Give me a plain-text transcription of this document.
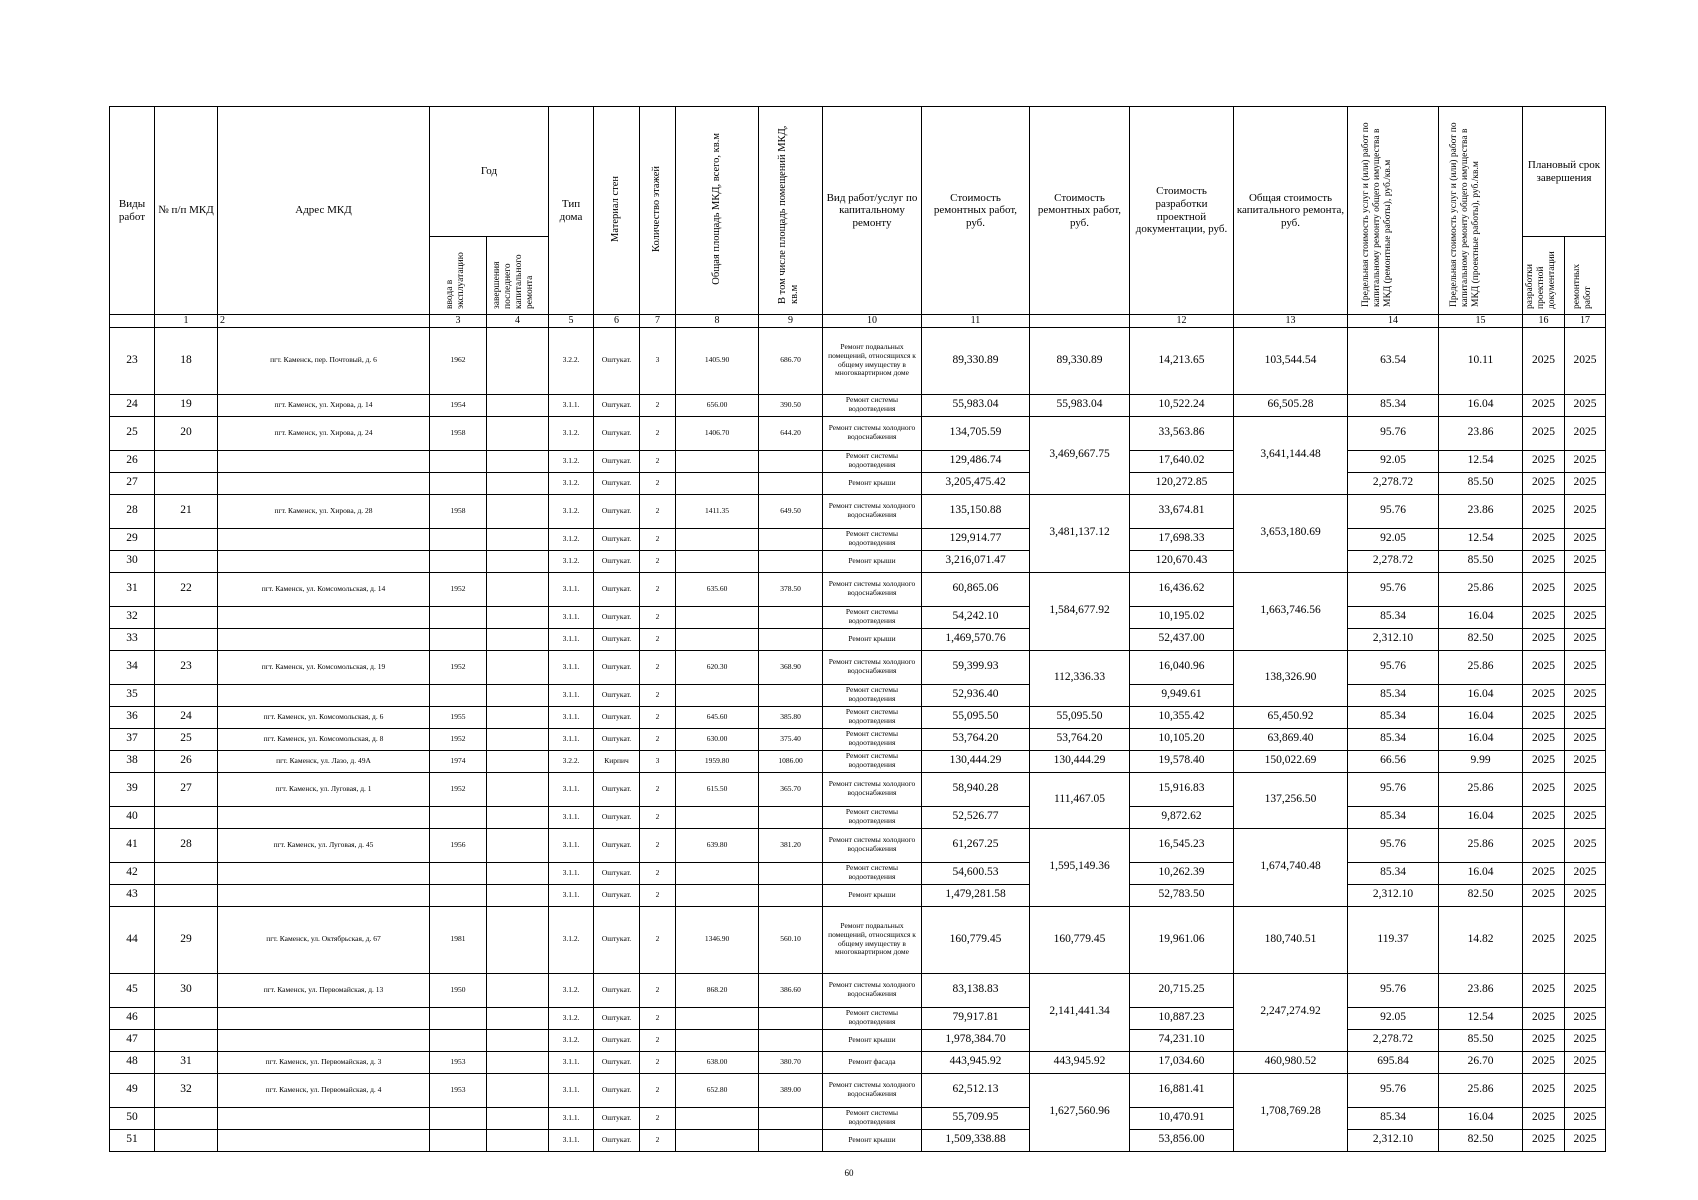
Виды работ	№ п/п МКД	Адрес МКД	Год		Тип дома	Материал стен	Количество этажей	Общая площадь МКД, всего, кв.м	В том числе площадь помещений МКД, кв.м	Вид работ/услуг по капитальному ремонту	Стоимость ремонтных работ, руб.	Стоимость ремонтных работ, руб.	Стоимость разработки проектной документации, руб.	Общая стоимость капитального ремонта, руб.	Предельная стоимость услуг и (или) работ по капитальному ремонту общего имущества в МКД (ремонтные работы), руб./кв.м	Предельная стоимость услуг и (или) работ по капитальному ремонту общего имущества в МКД (проектные работы), руб./кв.м	Плановый срок завершения	
			ввода в эксплуатацию	завершения последнего капитального ремонта													разработки проектной документации	ремонтных работ
	1	2	3	4	5	6	7	8	9	10	11		12	13	14	15	16	17
23	18	пгт. Каменск, пер. Почтовый, д. 6	1962		3.2.2.	Оштукат.	3	1405.90	686.70	Ремонт подвальных помещений, относящихся к общему имуществу в многоквартирном доме	89,330.89	89,330.89	14,213.65	103,544.54	63.54	10.11	2025	2025
24	19	пгт. Каменск, ул. Хирова, д. 14	1954		3.1.1.	Оштукат.	2	656.00	390.50	Ремонт системы водоотведения	55,983.04	55,983.04	10,522.24	66,505.28	85.34	16.04	2025	2025
25	20	пгт. Каменск, ул. Хирова, д. 24	1958		3.1.2.	Оштукат.	2	1406.70	644.20	Ремонт системы холодного водоснабжения	134,705.59	3,469,667.75	33,563.86	3,641,144.48	95.76	23.86	2025	2025
26					3.1.2.	Оштукат.	2			Ремонт системы водоотведения	129,486.74		17,640.02		92.05	12.54	2025	2025
27					3.1.2.	Оштукат.	2			Ремонт крыши	3,205,475.42		120,272.85		2,278.72	85.50	2025	2025
28	21	пгт. Каменск, ул. Хирова, д. 28	1958		3.1.2.	Оштукат.	2	1411.35	649.50	Ремонт системы холодного водоснабжения	135,150.88	3,481,137.12	33,674.81	3,653,180.69	95.76	23.86	2025	2025
29					3.1.2.	Оштукат.	2			Ремонт системы водоотведения	129,914.77		17,698.33		92.05	12.54	2025	2025
30					3.1.2.	Оштукат.	2			Ремонт крыши	3,216,071.47		120,670.43		2,278.72	85.50	2025	2025
31	22	пгт. Каменск, ул. Комсомольская, д. 14	1952		3.1.1.	Оштукат.	2	635.60	378.50	Ремонт системы холодного водоснабжения	60,865.06	1,584,677.92	16,436.62	1,663,746.56	95.76	25.86	2025	2025
32					3.1.1.	Оштукат.	2			Ремонт системы водоотведения	54,242.10		10,195.02		85.34	16.04	2025	2025
33					3.1.1.	Оштукат.	2			Ремонт крыши	1,469,570.76		52,437.00		2,312.10	82.50	2025	2025
34	23	пгт. Каменск, ул. Комсомольская, д. 19	1952		3.1.1.	Оштукат.	2	620.30	368.90	Ремонт системы холодного водоснабжения	59,399.93	112,336.33	16,040.96	138,326.90	95.76	25.86	2025	2025
35					3.1.1.	Оштукат.	2			Ремонт системы водоотведения	52,936.40		9,949.61		85.34	16.04	2025	2025
36	24	пгт. Каменск, ул. Комсомольская, д. 6	1955		3.1.1.	Оштукат.	2	645.60	385.80	Ремонт системы водоотведения	55,095.50	55,095.50	10,355.42	65,450.92	85.34	16.04	2025	2025
37	25	пгт. Каменск, ул. Комсомольская, д. 8	1952		3.1.1.	Оштукат.	2	630.00	375.40	Ремонт системы водоотведения	53,764.20	53,764.20	10,105.20	63,869.40	85.34	16.04	2025	2025
38	26	пгт. Каменск, ул. Лазо, д. 49А	1974		3.2.2.	Кирпич	3	1959.80	1086.00	Ремонт системы водоотведения	130,444.29	130,444.29	19,578.40	150,022.69	66.56	9.99	2025	2025
39	27	пгт. Каменск, ул. Луговая, д. 1	1952		3.1.1.	Оштукат.	2	615.50	365.70	Ремонт системы холодного водоснабжения	58,940.28	111,467.05	15,916.83	137,256.50	95.76	25.86	2025	2025
40					3.1.1.	Оштукат.	2			Ремонт системы водоотведения	52,526.77		9,872.62		85.34	16.04	2025	2025
41	28	пгт. Каменск, ул. Луговая, д. 45	1956		3.1.1.	Оштукат.	2	639.80	381.20	Ремонт системы холодного водоснабжения	61,267.25	1,595,149.36	16,545.23	1,674,740.48	95.76	25.86	2025	2025
42					3.1.1.	Оштукат.	2			Ремонт системы водоотведения	54,600.53		10,262.39		85.34	16.04	2025	2025
43					3.1.1.	Оштукат.	2			Ремонт крыши	1,479,281.58		52,783.50		2,312.10	82.50	2025	2025
44	29	пгт. Каменск, ул. Октябрьская, д. 67	1981		3.1.2.	Оштукат.	2	1346.90	560.10	Ремонт подвальных помещений, относящихся к общему имуществу в многоквартирном доме	160,779.45	160,779.45	19,961.06	180,740.51	119.37	14.82	2025	2025
45	30	пгт. Каменск, ул. Первомайская, д. 13	1950		3.1.2.	Оштукат.	2	868.20	386.60	Ремонт системы холодного водоснабжения	83,138.83	2,141,441.34	20,715.25	2,247,274.92	95.76	23.86	2025	2025
46					3.1.2.	Оштукат.	2			Ремонт системы водоотведения	79,917.81		10,887.23		92.05	12.54	2025	2025
47					3.1.2.	Оштукат.	2			Ремонт крыши	1,978,384.70		74,231.10		2,278.72	85.50	2025	2025
48	31	пгт. Каменск, ул. Первомайская, д. 3	1953		3.1.1.	Оштукат.	2	638.00	380.70	Ремонт фасада	443,945.92	443,945.92	17,034.60	460,980.52	695.84	26.70	2025	2025
49	32	пгт. Каменск, ул. Первомайская, д. 4	1953		3.1.1.	Оштукат.	2	652.80	389.00	Ремонт системы холодного водоснабжения	62,512.13	1,627,560.96	16,881.41	1,708,769.28	95.76	25.86	2025	2025
50					3.1.1.	Оштукат.	2			Ремонт системы водоотведения	55,709.95		10,470.91		85.34	16.04	2025	2025
51					3.1.1.	Оштукат.	2			Ремонт крыши	1,509,338.88		53,856.00		2,312.10	82.50	2025	2025
60
